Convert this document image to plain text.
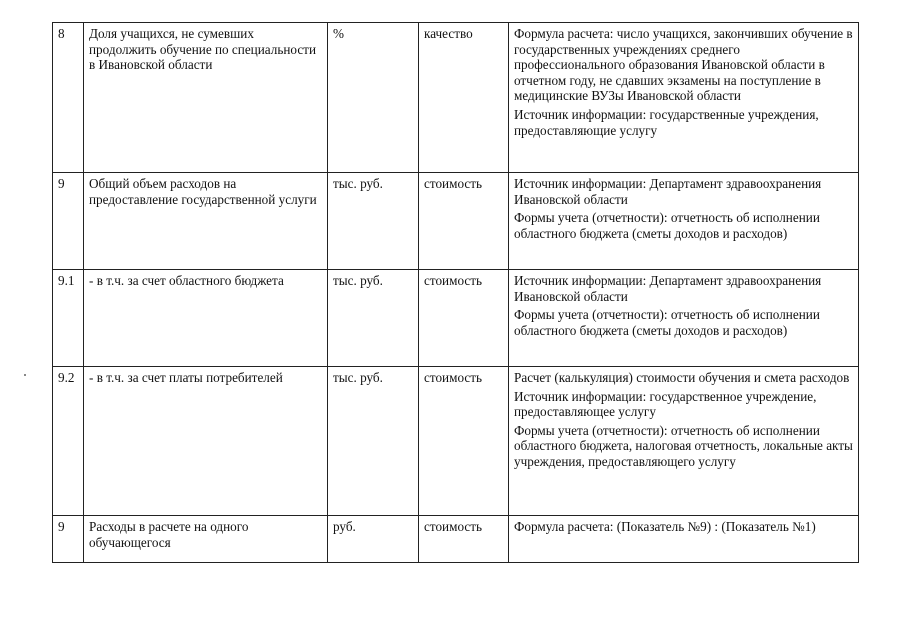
8	Доля учащихся, не сумевших продолжить обучение по специальности в Ивановской области	%	качество	Формула расчета: число учащихся, закончивших обучение в государственных учреждениях среднего профессионального образования Ивановской области в отчетном году, не сдавших экзамены на поступление в медицинские ВУЗы Ивановской области
Источник информации: государственные учреждения, предоставляющие услугу

9	Общий объем расходов на предоставление государственной услуги	тыс. руб.	стоимость	Источник информации: Департамент здравоохранения Ивановской области
Формы учета (отчетности): отчетность об исполнении областного бюджета (сметы доходов и расходов)

9.1	- в т.ч. за счет областного бюджета	тыс. руб.	стоимость	Источник информации: Департамент здравоохранения Ивановской области
Формы учета (отчетности): отчетность об исполнении областного бюджета (сметы доходов и расходов)

9.2	- в т.ч. за счет платы потребителей	тыс. руб.	стоимость	Расчет (калькуляция) стоимости обучения и смета расходов
Источник информации: государственное учреждение, предоставляющее услугу
Формы учета (отчетности): отчетность об исполнении областного бюджета, налоговая отчетность, локальные акты учреждения, предоставляющего услугу

9	Расходы в расчете на одного обучающегося	руб.	стоимость	Формула расчета: (Показатель №9) : (Показатель №1)
